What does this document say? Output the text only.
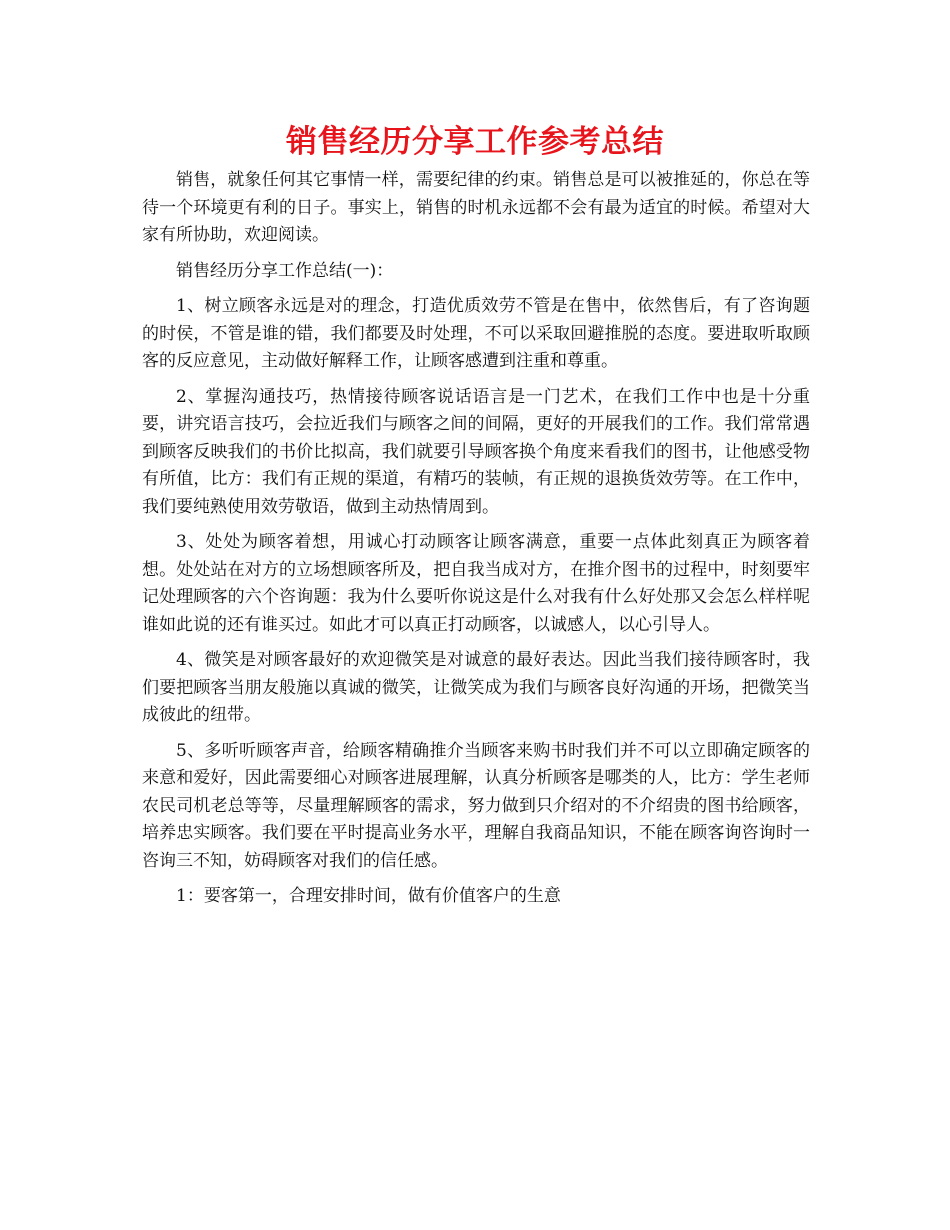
销售经历分享工作参考总结

销售，就象任何其它事情一样，需要纪律的约束。销售总是可以被推延的，你总在等待一个环境更有利的日子。事实上，销售的时机永远都不会有最为适宜的时候。希望对大家有所协助，欢迎阅读。

销售经历分享工作总结(一)：

1、树立顾客永远是对的理念，打造优质效劳不管是在售中，依然售后，有了咨询题的时侯，不管是谁的错，我们都要及时处理，不可以采取回避推脱的态度。要进取听取顾客的反应意见，主动做好解释工作，让顾客感遭到注重和尊重。

2、掌握沟通技巧，热情接待顾客说话语言是一门艺术，在我们工作中也是十分重要，讲究语言技巧，会拉近我们与顾客之间的间隔，更好的开展我们的工作。我们常常遇到顾客反映我们的书价比拟高，我们就要引导顾客换个角度来看我们的图书，让他感受物有所值，比方：我们有正规的渠道，有精巧的装帧，有正规的退换货效劳等。在工作中，我们要纯熟使用效劳敬语，做到主动热情周到。

3、处处为顾客着想，用诚心打动顾客让顾客满意，重要一点体此刻真正为顾客着想。处处站在对方的立场想顾客所及，把自我当成对方，在推介图书的过程中，时刻要牢记处理顾客的六个咨询题：我为什么要听你说这是什么对我有什么好处那又会怎么样样呢谁如此说的还有谁买过。如此才可以真正打动顾客，以诚感人，以心引导人。

4、微笑是对顾客最好的欢迎微笑是对诚意的最好表达。因此当我们接待顾客时，我们要把顾客当朋友般施以真诚的微笑，让微笑成为我们与顾客良好沟通的开场，把微笑当成彼此的纽带。

5、多听听顾客声音，给顾客精确推介当顾客来购书时我们并不可以立即确定顾客的来意和爱好，因此需要细心对顾客进展理解，认真分析顾客是哪类的人，比方：学生老师农民司机老总等等，尽量理解顾客的需求，努力做到只介绍对的不介绍贵的图书给顾客，培养忠实顾客。我们要在平时提高业务水平，理解自我商品知识，不能在顾客询咨询时一咨询三不知，妨碍顾客对我们的信任感。

1：要客第一，合理安排时间，做有价值客户的生意
